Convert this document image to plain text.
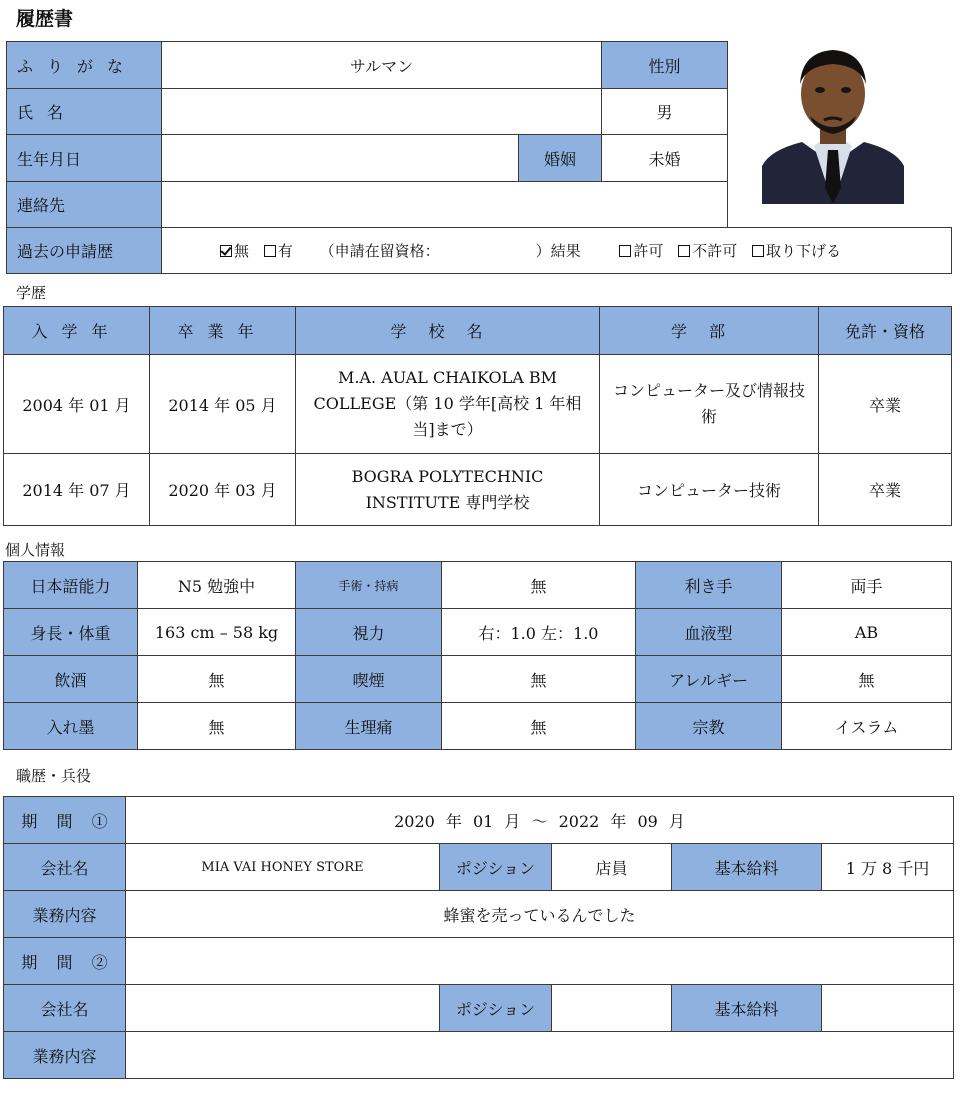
履歴書
ふりがな	サルマン		性別	
氏名			男	
生年月日		婚姻	未婚	
連絡先				
過去の申請歴	無 有 （申請在留資格： ）結果 許可 不許可 取り下げる			
学歴
入学年	卒業年	学校名	学部	免許・資格
2004 年 01 月	2014 年 05 月	M.A. AUAL CHAIKOLA BM COLLEGE（第 10 学年[高校 1 年相当]まで）	コンピューター及び情報技術	卒業
2014 年 07 月	2020 年 03 月	BOGRA POLYTECHNIC INSTITUTE 専門学校	コンピューター技術	卒業
個人情報
日本語能力	N5 勉強中	手術・持病	無	利き手	両手
身長・体重	163 cm – 58 kg	視力	右：1.0 左：1.0	血液型	AB
飲酒	無	喫煙	無	アレルギー	無
入れ墨	無	生理痛	無	宗教	イスラム
職歴・兵役
期 間 ①	2020 年 01 月 ～ 2022 年 09 月				
会社名	MIA VAI HONEY STORE	ポジション	店員	基本給料	1 万 8 千円
業務内容	蜂蜜を売っているんでした				
期 間 ②					
会社名		ポジション		基本給料	
業務内容					
